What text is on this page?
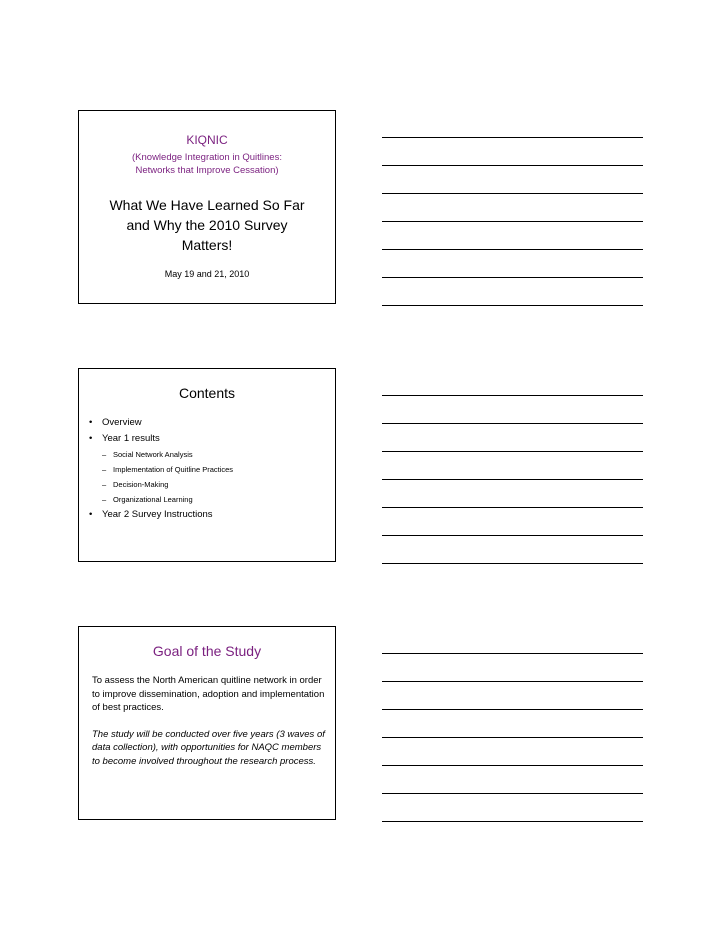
KIQNIC
(Knowledge Integration in Quitlines:
Networks that Improve Cessation)
What We Have Learned So Far
and Why the 2010 Survey
Matters!
May 19 and 21, 2010
Contents
•	Overview
•	Year 1 results
– Social Network Analysis
– Implementation of Quitline Practices
– Decision-Making
– Organizational Learning
•	Year 2 Survey Instructions
Goal of the Study

To assess the North American quitline network in order to improve dissemination, adoption and implementation of best practices.

The study will be conducted over five years (3 waves of data collection), with opportunities for NAQC members to become involved throughout the research process.
